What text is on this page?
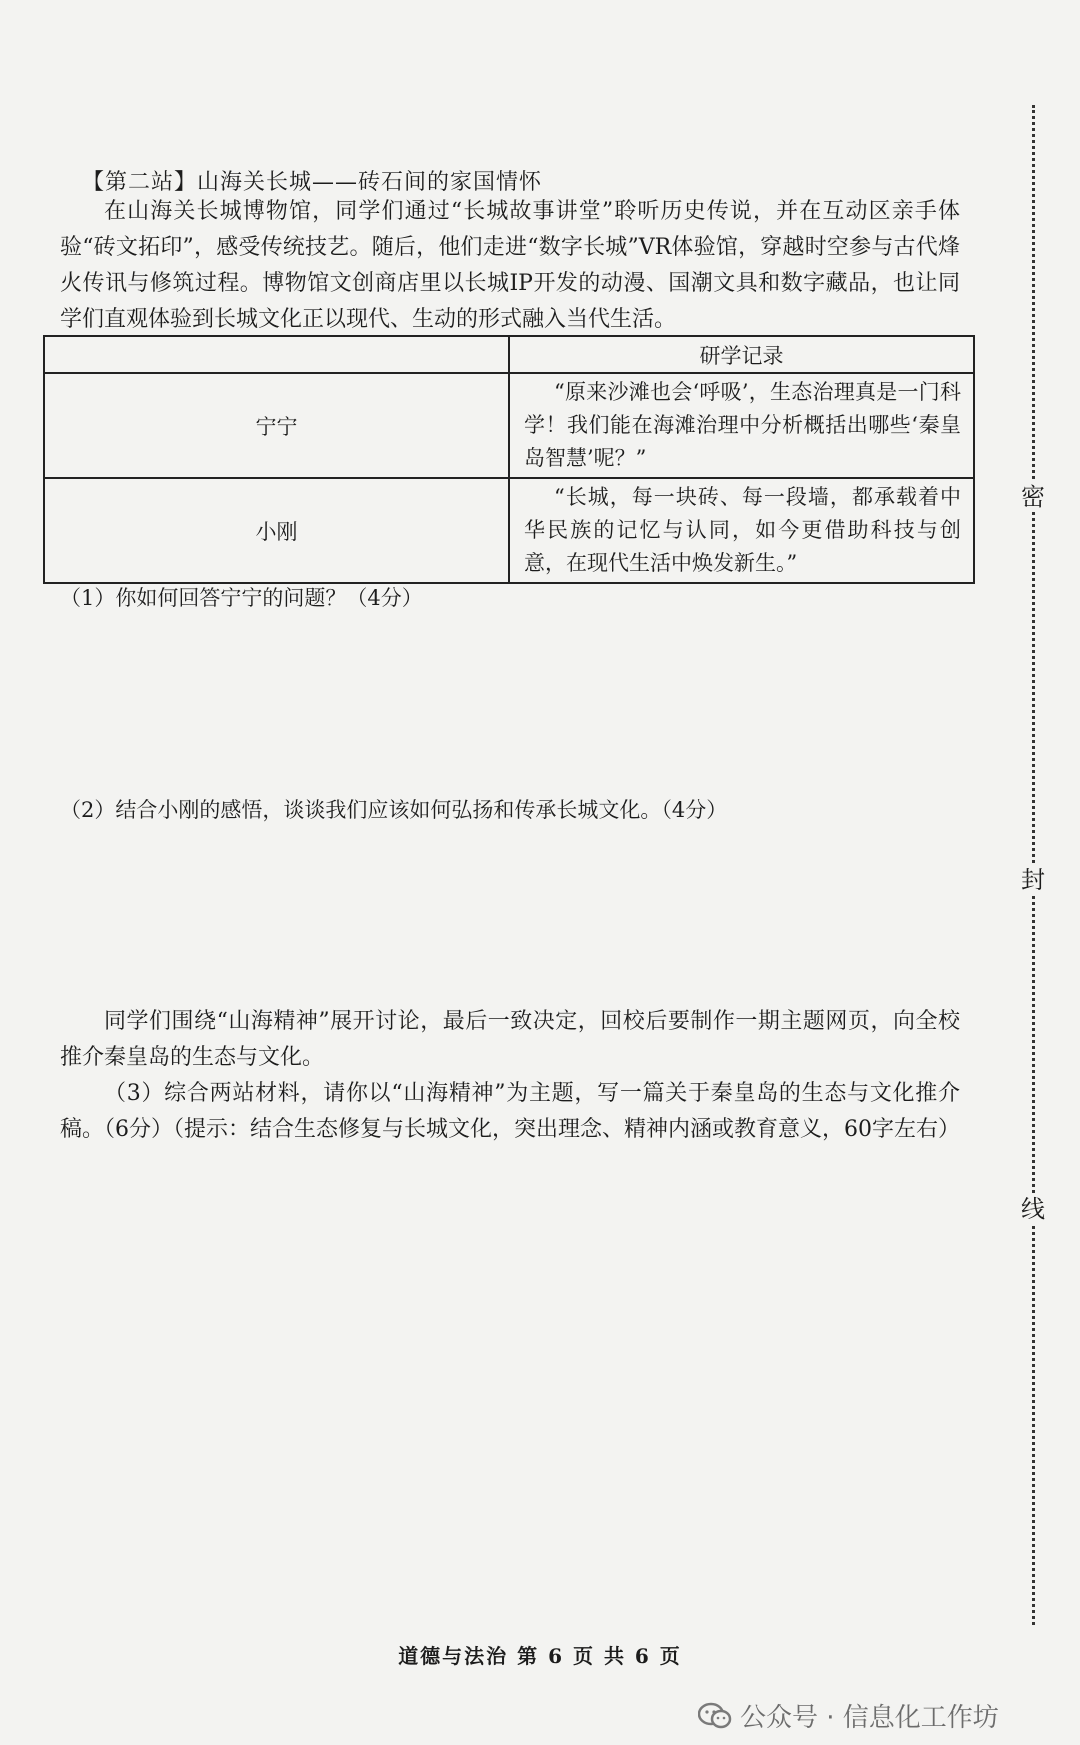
密
封
线
【第二站】山海关长城——砖石间的家国情怀
在山海关长城博物馆，同学们通过“长城故事讲堂”聆听历史传说，并在互动区亲手体验“砖文拓印”，感受传统技艺。随后，他们走进“数字长城”VR体验馆，穿越时空参与古代烽火传讯与修筑过程。博物馆文创商店里以长城IP开发的动漫、国潮文具和数字藏品，也让同学们直观体验到长城文化正以现代、生动的形式融入当代生活。
	研学记录
宁宁	“原来沙滩也会‘呼吸’，生态治理真是一门科学！我们能在海滩治理中分析概括出哪些‘秦皇岛智慧’呢？”

小刚	“长城，每一块砖、每一段墙，都承载着中华民族的记忆与认同，如今更借助科技与创意，在现代生活中焕发新生。”
（1）你如何回答宁宁的问题？（4分）
（2）结合小刚的感悟，谈谈我们应该如何弘扬和传承长城文化。（4分）
同学们围绕“山海精神”展开讨论，最后一致决定，回校后要制作一期主题网页，向全校推介秦皇岛的生态与文化。
（3）综合两站材料，请你以“山海精神”为主题，写一篇关于秦皇岛的生态与文化推介稿。（6分）（提示：结合生态修复与长城文化，突出理念、精神内涵或教育意义，60字左右）
道德与法治 第 6 页 共 6 页
公众号 · 信息化工作坊
